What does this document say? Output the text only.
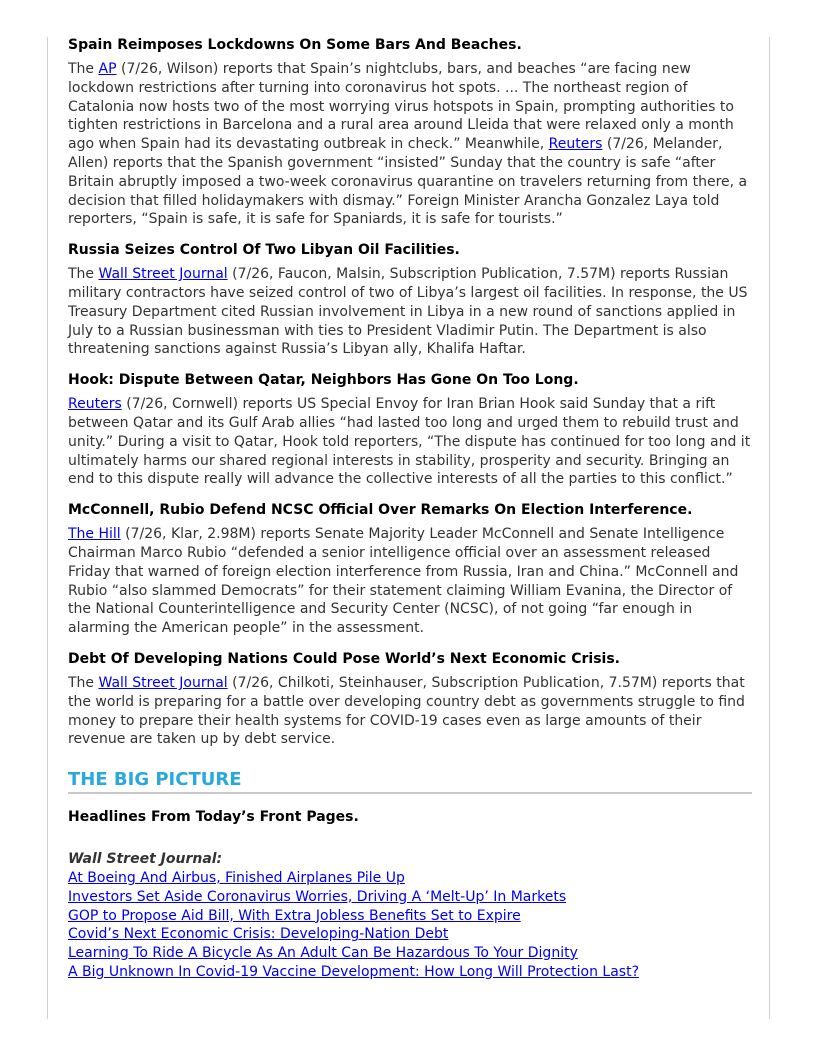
Spain Reimposes Lockdowns On Some Bars And Beaches.

The AP (7/26, Wilson) reports that Spain’s nightclubs, bars, and beaches “are facing new lockdown restrictions after turning into coronavirus hot spots. ... The northeast region of Catalonia now hosts two of the most worrying virus hotspots in Spain, prompting authorities to tighten restrictions in Barcelona and a rural area around Lleida that were relaxed only a month ago when Spain had its devastating outbreak in check.” Meanwhile, Reuters (7/26, Melander, Allen) reports that the Spanish government “insisted” Sunday that the country is safe “after Britain abruptly imposed a two-week coronavirus quarantine on travelers returning from there, a decision that filled holidaymakers with dismay.” Foreign Minister Arancha Gonzalez Laya told reporters, “Spain is safe, it is safe for Spaniards, it is safe for tourists.”

Russia Seizes Control Of Two Libyan Oil Facilities.

The Wall Street Journal (7/26, Faucon, Malsin, Subscription Publication, 7.57M) reports Russian military contractors have seized control of two of Libya’s largest oil facilities. In response, the US Treasury Department cited Russian involvement in Libya in a new round of sanctions applied in July to a Russian businessman with ties to President Vladimir Putin. The Department is also threatening sanctions against Russia’s Libyan ally, Khalifa Haftar.

Hook: Dispute Between Qatar, Neighbors Has Gone On Too Long.

Reuters (7/26, Cornwell) reports US Special Envoy for Iran Brian Hook said Sunday that a rift between Qatar and its Gulf Arab allies “had lasted too long and urged them to rebuild trust and unity.” During a visit to Qatar, Hook told reporters, “The dispute has continued for too long and it ultimately harms our shared regional interests in stability, prosperity and security. Bringing an end to this dispute really will advance the collective interests of all the parties to this conflict.”

McConnell, Rubio Defend NCSC Official Over Remarks On Election Interference.

The Hill (7/26, Klar, 2.98M) reports Senate Majority Leader McConnell and Senate Intelligence Chairman Marco Rubio “defended a senior intelligence official over an assessment released Friday that warned of foreign election interference from Russia, Iran and China.” McConnell and Rubio “also slammed Democrats” for their statement claiming William Evanina, the Director of the National Counterintelligence and Security Center (NCSC), of not going “far enough in alarming the American people” in the assessment.

Debt Of Developing Nations Could Pose World’s Next Economic Crisis.

The Wall Street Journal (7/26, Chilkoti, Steinhauser, Subscription Publication, 7.57M) reports that the world is preparing for a battle over developing country debt as governments struggle to find money to prepare their health systems for COVID-19 cases even as large amounts of their revenue are taken up by debt service.

THE BIG PICTURE
Headlines From Today’s Front Pages.
Wall Street Journal:
At Boeing And Airbus, Finished Airplanes Pile Up
Investors Set Aside Coronavirus Worries, Driving A ‘Melt-Up’ In Markets
GOP to Propose Aid Bill, With Extra Jobless Benefits Set to Expire
Covid’s Next Economic Crisis: Developing-Nation Debt
Learning To Ride A Bicycle As An Adult Can Be Hazardous To Your Dignity
A Big Unknown In Covid-19 Vaccine Development: How Long Will Protection Last?
